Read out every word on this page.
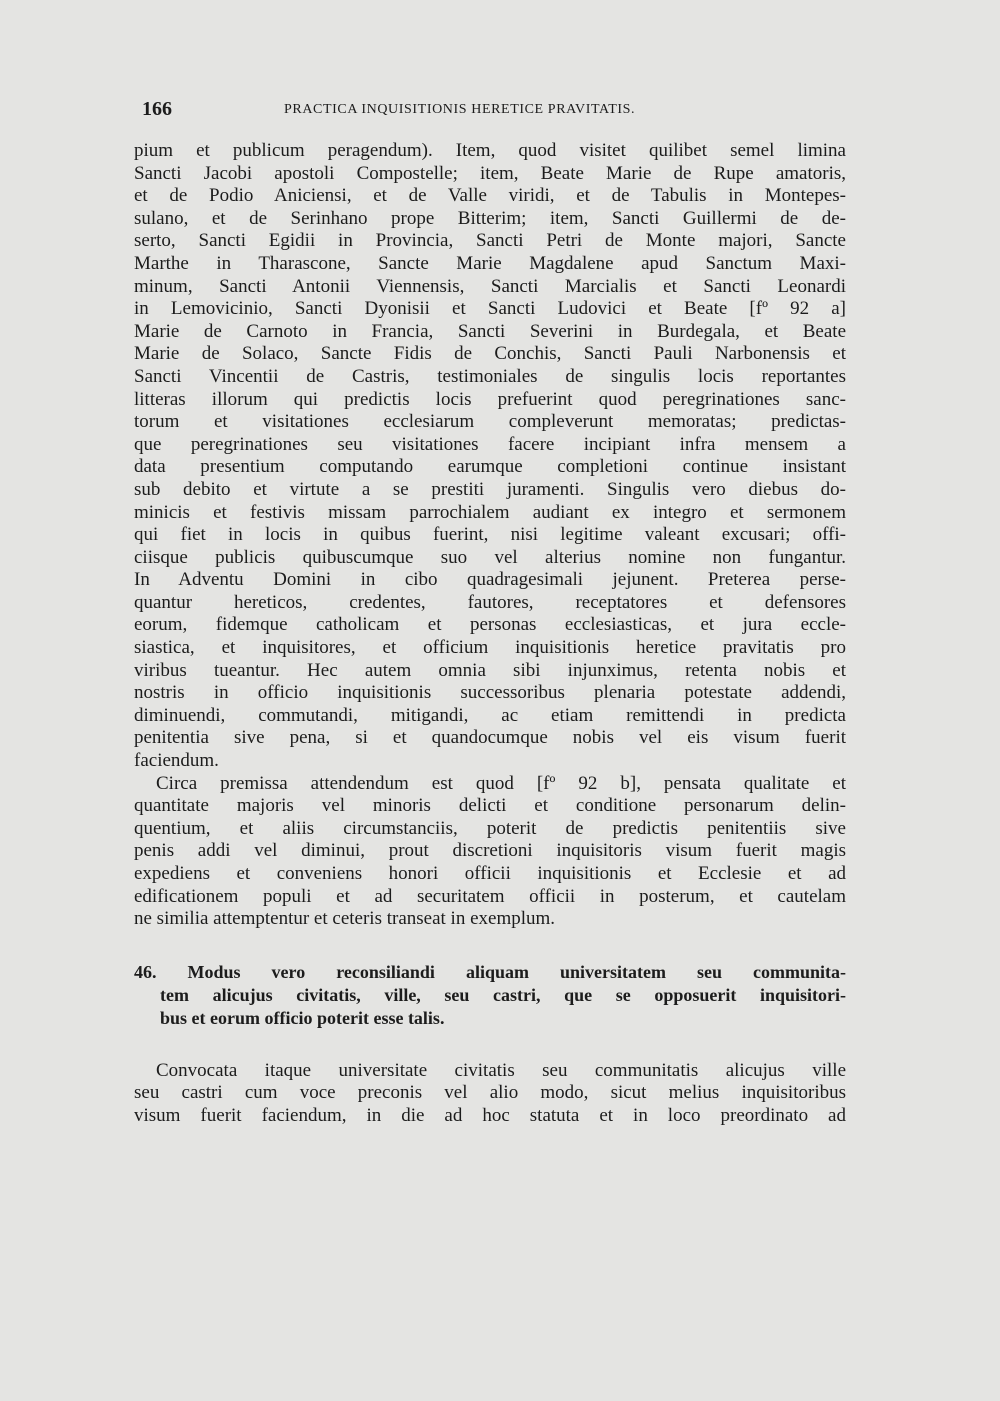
166	PRACTICA INQUISITIONIS HERETICE PRAVITATIS.
pium et publicum peragendum). Item, quod visitet quilibet semel limina
Sancti Jacobi apostoli Compostelle; item, Beate Marie de Rupe amatoris,
et de Podio Aniciensi, et de Valle viridi, et de Tabulis in Montepes-
sulano, et de Serinhano prope Bitterim; item, Sancti Guillermi de de-
serto, Sancti Egidii in Provincia, Sancti Petri de Monte majori, Sancte
Marthe in Tharascone, Sancte Marie Magdalene apud Sanctum Maxi-
minum, Sancti Antonii Viennensis, Sancti Marcialis et Sancti Leonardi
in Lemovicinio, Sancti Dyonisii et Sancti Ludovici et Beate [fº 92 a]
Marie de Carnoto in Francia, Sancti Severini in Burdegala, et Beate
Marie de Solaco, Sancte Fidis de Conchis, Sancti Pauli Narbonensis et
Sancti Vincentii de Castris, testimoniales de singulis locis reportantes
litteras illorum qui predictis locis prefuerint quod peregrinationes sanc-
torum et visitationes ecclesiarum compleverunt memoratas; predictas-
que peregrinationes seu visitationes facere incipiant infra mensem a
data presentium computando earumque completioni continue insistant
sub debito et virtute a se prestiti juramenti. Singulis vero diebus do-
minicis et festivis missam parrochialem audiant ex integro et sermonem
qui fiet in locis in quibus fuerint, nisi legitime valeant excusari; offi-
ciisque publicis quibuscumque suo vel alterius nomine non fungantur.
In Adventu Domini in cibo quadragesimali jejunent. Preterea perse-
quantur hereticos, credentes, fautores, receptatores et defensores
eorum, fidemque catholicam et personas ecclesiasticas, et jura eccle-
siastica, et inquisitores, et officium inquisitionis heretice pravitatis pro
viribus tueantur. Hec autem omnia sibi injunximus, retenta nobis et
nostris in officio inquisitionis successoribus plenaria potestate addendi,
diminuendi, commutandi, mitigandi, ac etiam remittendi in predicta
penitentia sive pena, si et quandocumque nobis vel eis visum fuerit
faciendum.
Circa premissa attendendum est quod [fº 92 b], pensata qualitate et
quantitate majoris vel minoris delicti et conditione personarum delin-
quentium, et aliis circumstanciis, poterit de predictis penitentiis sive
penis addi vel diminui, prout discretioni inquisitoris visum fuerit magis
expediens et conveniens honori officii inquisitionis et Ecclesie et ad
edificationem populi et ad securitatem officii in posterum, et cautelam
ne similia attemptentur et ceteris transeat in exemplum.
46. Modus vero reconsiliandi aliquam universitatem seu communita-
tem alicujus civitatis, ville, seu castri, que se opposuerit inquisitori-
bus et eorum officio poterit esse talis.
Convocata itaque universitate civitatis seu communitatis alicujus ville
seu castri cum voce preconis vel alio modo, sicut melius inquisitoribus
visum fuerit faciendum, in die ad hoc statuta et in loco preordinato ad
